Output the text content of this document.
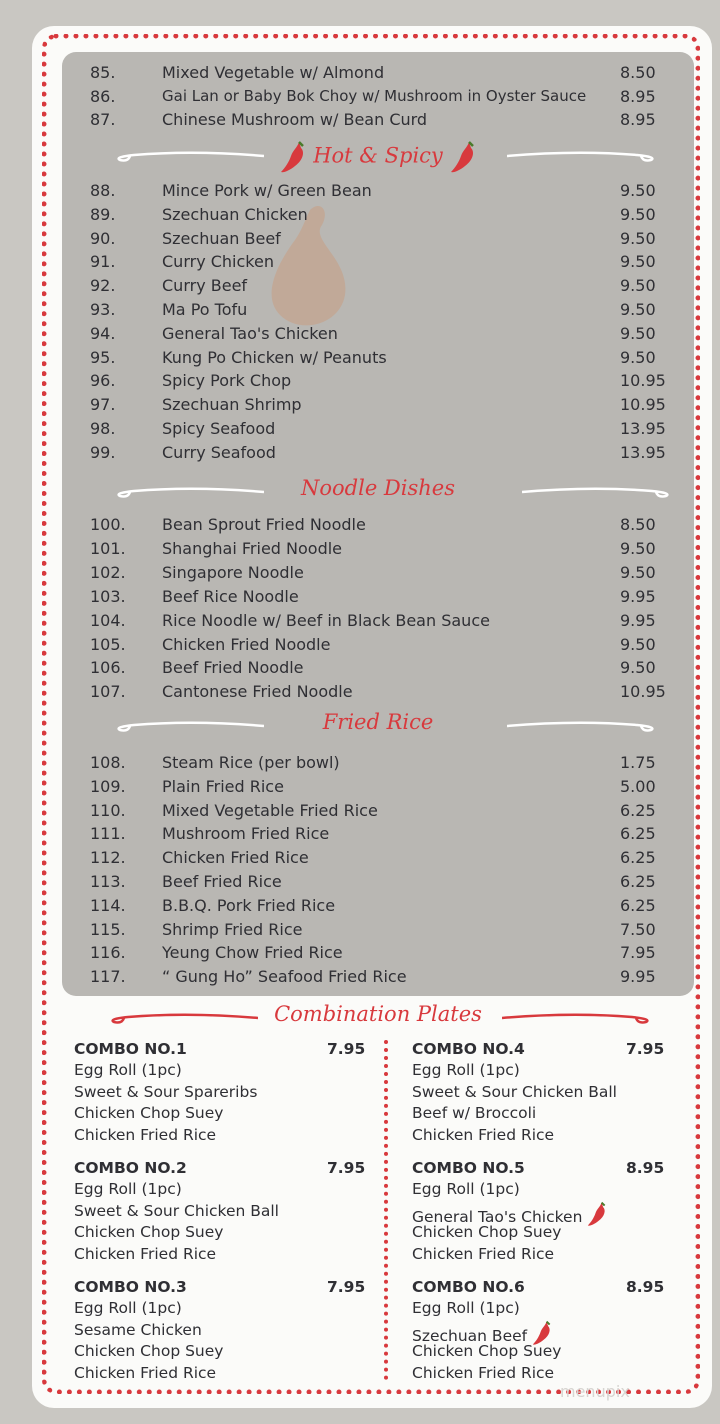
85.	Mixed Vegetable w/ Almond	8.50
86.	Gai Lan or Baby Bok Choy w/ Mushroom in Oyster Sauce 8.95
87.	Chinese Mushroom w/ Bean Curd	8.95
88.	Mince Pork w/ Green Bean	9.50
89.	Szechuan Chicken	9.50
90.	Szechuan Beef	9.50
91.	Curry Chicken	9.50
92.	Curry Beef	9.50
93.	Ma Po Tofu	9.50
94.	General Tao's Chicken	9.50
95.	Kung Po Chicken w/ Peanuts	9.50
96.	Spicy Pork Chop	10.95
97.	Szechuan Shrimp	10.95
98.	Spicy Seafood	13.95
99.	Curry Seafood	13.95
100.	Bean Sprout Fried Noodle	8.50
101.	Shanghai Fried Noodle	9.50
102.	Singapore Noodle	9.50
103.	Beef Rice Noodle	9.95
104.	Rice Noodle w/ Beef in Black Bean Sauce	9.95
105.	Chicken Fried Noodle	9.50
106.	Beef Fried Noodle	9.50
107.	Cantonese Fried Noodle	10.95
108.	Steam Rice (per bowl)	1.75
109.	Plain Fried Rice	5.00
110.	Mixed Vegetable Fried Rice	6.25
111.	Mushroom Fried Rice	6.25
112.	Chicken Fried Rice	6.25
113.	Beef Fried Rice	6.25
114.	B.B.Q. Pork Fried Rice	6.25
115.	Shrimp Fried Rice	7.50
116.	Yeung Chow Fried Rice	7.95
117.	“ Gung Ho” Seafood Fried Rice	9.95
Hot & Spicy
Noodle Dishes
Fried Rice
Combination Plates
COMBO NO.1	7.95
Egg Roll (1pc)
Sweet & Sour Spareribs
Chicken Chop Suey
Chicken Fried Rice
COMBO NO.2	7.95
Egg Roll (1pc)
Sweet & Sour Chicken Ball
Chicken Chop Suey
Chicken Fried Rice
COMBO NO.3	7.95
Egg Roll (1pc)
Sesame Chicken
Chicken Chop Suey
Chicken Fried Rice
COMBO NO.4	7.95
Egg Roll (1pc)
Sweet & Sour Chicken Ball
Beef w/ Broccoli
Chicken Fried Rice
COMBO NO.5	8.95
Egg Roll (1pc)
General Tao's Chicken
Chicken Chop Suey
Chicken Fried Rice
COMBO NO.6	8.95
Egg Roll (1pc)
Szechuan Beef
Chicken Chop Suey
Chicken Fried Rice
menupix
